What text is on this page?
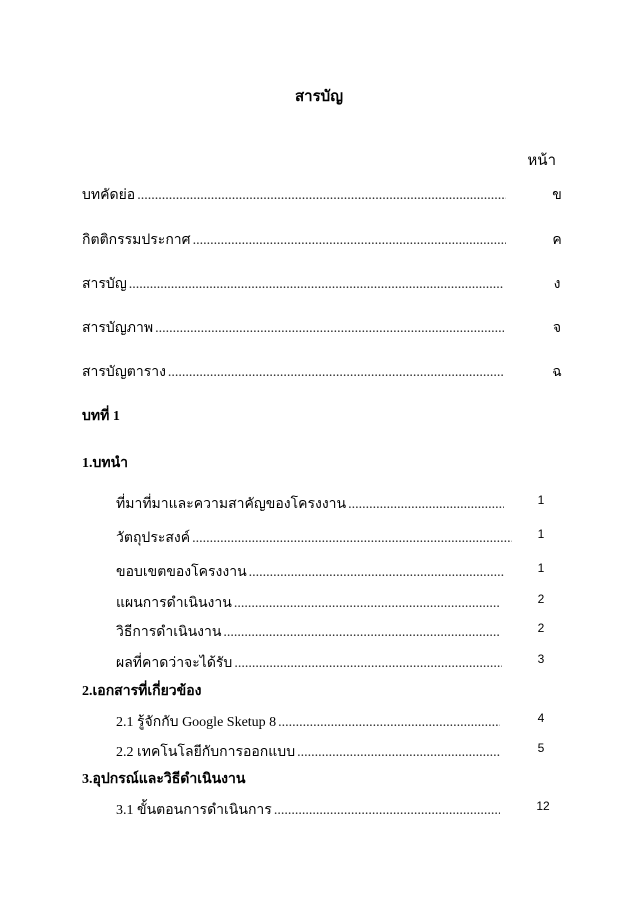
สารบัญ
หน้า
บทคัดย่อ .....	ข
กิตติกรรมประกาศ .....	ค
สารบัญ .....	ง
สารบัญภาพ .....	จ
สารบัญตาราง .....	ฉ
บทที่ 1
1.บทนำ
ที่มาที่มาและความสาคัญของโครงงาน .....	1
วัตถุประสงค์ .....	1
ขอบเขตของโครงงาน .....	1
แผนการดำเนินงาน .....	2
วิธีการดำเนินงาน .....	2
ผลที่คาดว่าจะได้รับ .....	3
2.เอกสารที่เกี่ยวข้อง
2.1 รู้จักกับ Google Sketup 8 .....	4
2.2 เทคโนโลยีกับการออกแบบ .....	5
3.อุปกรณ์และวิธีดำเนินงาน
3.1 ขั้นตอนการดำเนินการ .....	12
